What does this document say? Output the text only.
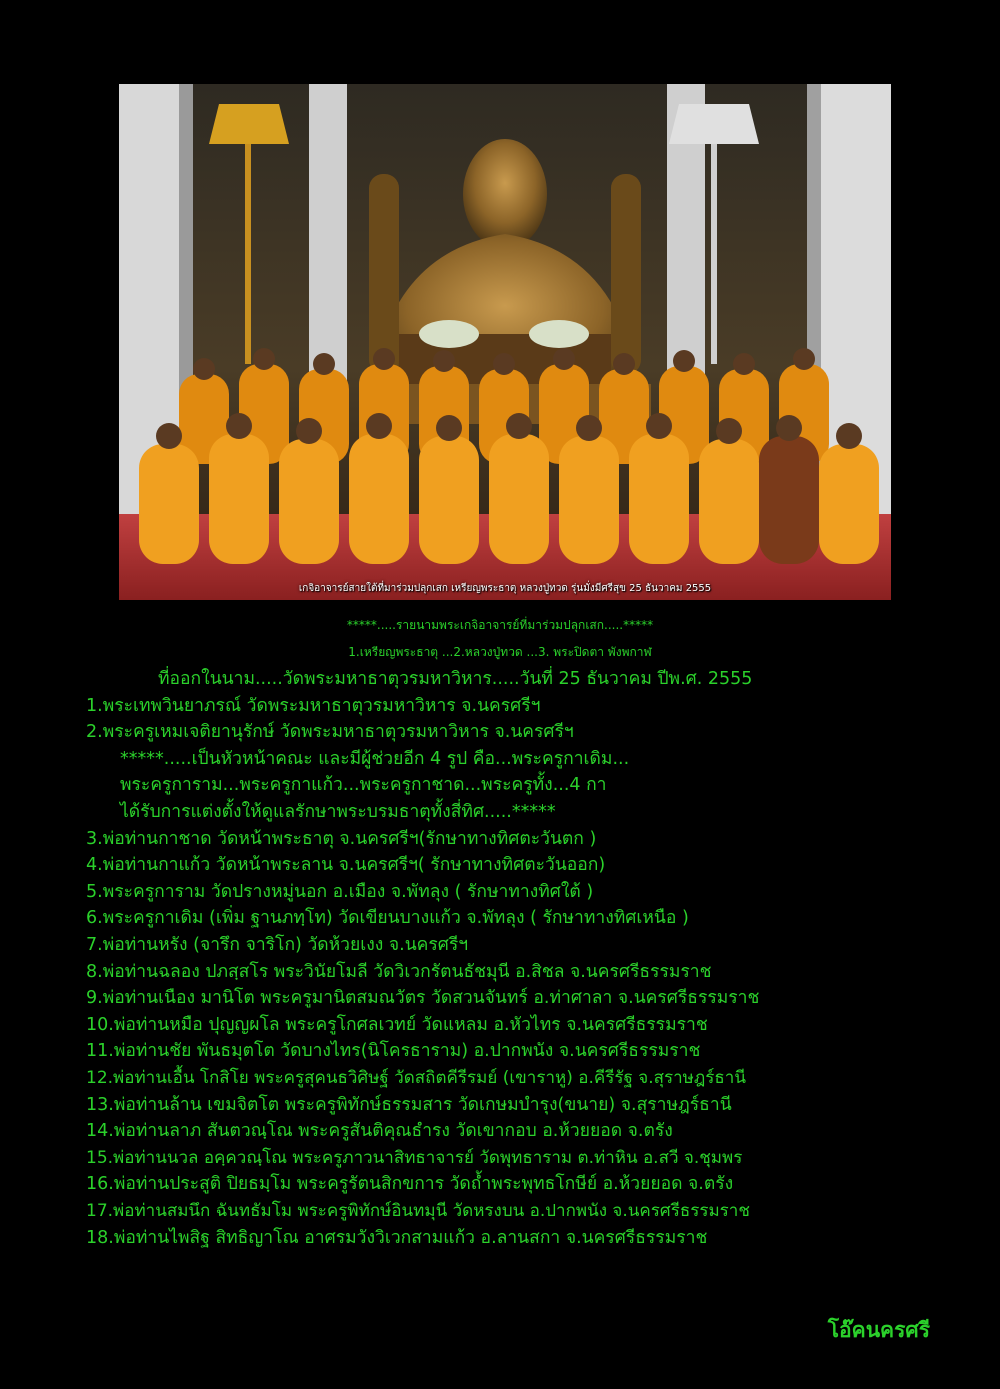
เกจิอาจารย์สายใต้ที่มาร่วมปลุกเสก เหรียญพระธาตุ หลวงปู่ทวด รุ่นมั่งมีศรีสุข 25 ธันวาคม 2555
*****.....รายนามพระเกจิอาจารย์ที่มาร่วมปลุกเสก.....*****
1.เหรียญพระธาตุ ...2.หลวงปู่ทวด ...3. พระปิดตา พังพกาฬ
ที่ออกในนาม.....วัดพระมหาธาตุวรมหาวิหาร.....วันที่ 25 ธันวาคม ปีพ.ศ. 2555
1.พระเทพวินยาภรณ์ วัดพระมหาธาตุวรมหาวิหาร จ.นครศรีฯ
2.พระครูเหมเจติยานุรักษ์ วัดพระมหาธาตุวรมหาวิหาร จ.นครศรีฯ
*****.....เป็นหัวหน้าคณะ และมีผู้ช่วยอีก 4 รูป คือ...พระครูกาเดิม...
พระครูการาม...พระครูกาแก้ว...พระครูกาชาด...พระครูทั้ง...4 กา
ได้รับการแต่งตั้งให้ดูแลรักษาพระบรมธาตุทั้งสี่ทิศ.....*****
3.พ่อท่านกาชาด วัดหน้าพระธาตุ จ.นครศรีฯ(รักษาทางทิศตะวันตก )
4.พ่อท่านกาแก้ว วัดหน้าพระลาน จ.นครศรีฯ( รักษาทางทิศตะวันออก)
5.พระครูการาม วัดปรางหมู่นอก อ.เมือง จ.พัทลุง ( รักษาทางทิศใต้ )
6.พระครูกาเดิม (เพิ่ม ฐานภทฺโท) วัดเขียนบางแก้ว จ.พัทลุง ( รักษาทางทิศเหนือ )
7.พ่อท่านหรัง (จารึก จาริโก) วัดห้วยเงง จ.นครศรีฯ
8.พ่อท่านฉลอง ปภสฺสโร พระวินัยโมลี วัดวิเวกรัตนธัชมุนี อ.สิชล จ.นครศรีธรรมราช
9.พ่อท่านเนือง มานิโต พระครูมานิตสมณวัตร วัดสวนจันทร์ อ.ท่าศาลา จ.นครศรีธรรมราช
10.พ่อท่านหมือ ปุญญผโล พระครูโกศลเวทย์ วัดแหลม อ.หัวไทร จ.นครศรีธรรมราช
11.พ่อท่านชัย พันธมุตโต วัดบางไทร(นิโครธาราม) อ.ปากพนัง จ.นครศรีธรรมราช
12.พ่อท่านเอื้น โกสิโย พระครูสุคนธวิศิษฐ์ วัดสถิตคีรีรมย์ (เขาราหู) อ.คีรีรัฐ จ.สุราษฎร์ธานี
13.พ่อท่านล้าน เขมจิตโต พระครูพิทักษ์ธรรมสาร วัดเกษมบำรุง(ขนาย) จ.สุราษฎร์ธานี
14.พ่อท่านลาภ สันตวณฺโณ พระครูสันติคุณธำรง วัดเขากอบ อ.ห้วยยอด จ.ตรัง
15.พ่อท่านนวล อคฺควณฺโณ พระครูภาวนาสิทธาจารย์ วัดพุทธาราม ต.ท่าหิน อ.สวี จ.ชุมพร
16.พ่อท่านประสูติ ปิยธมฺโม พระครูรัตนสิกขการ วัดถ้ำพระพุทธโกษีย์ อ.ห้วยยอด จ.ตรัง
17.พ่อท่านสมนึก ฉันทธัมโม พระครูพิทักษ์อินทมุนี วัดหรงบน อ.ปากพนัง จ.นครศรีธรรมราช
18.พ่อท่านไพสิฐ สิทธิญาโณ อาศรมวังวิเวกสามแก้ว อ.ลานสกา จ.นครศรีธรรมราช
โอ๊คนครศรี
